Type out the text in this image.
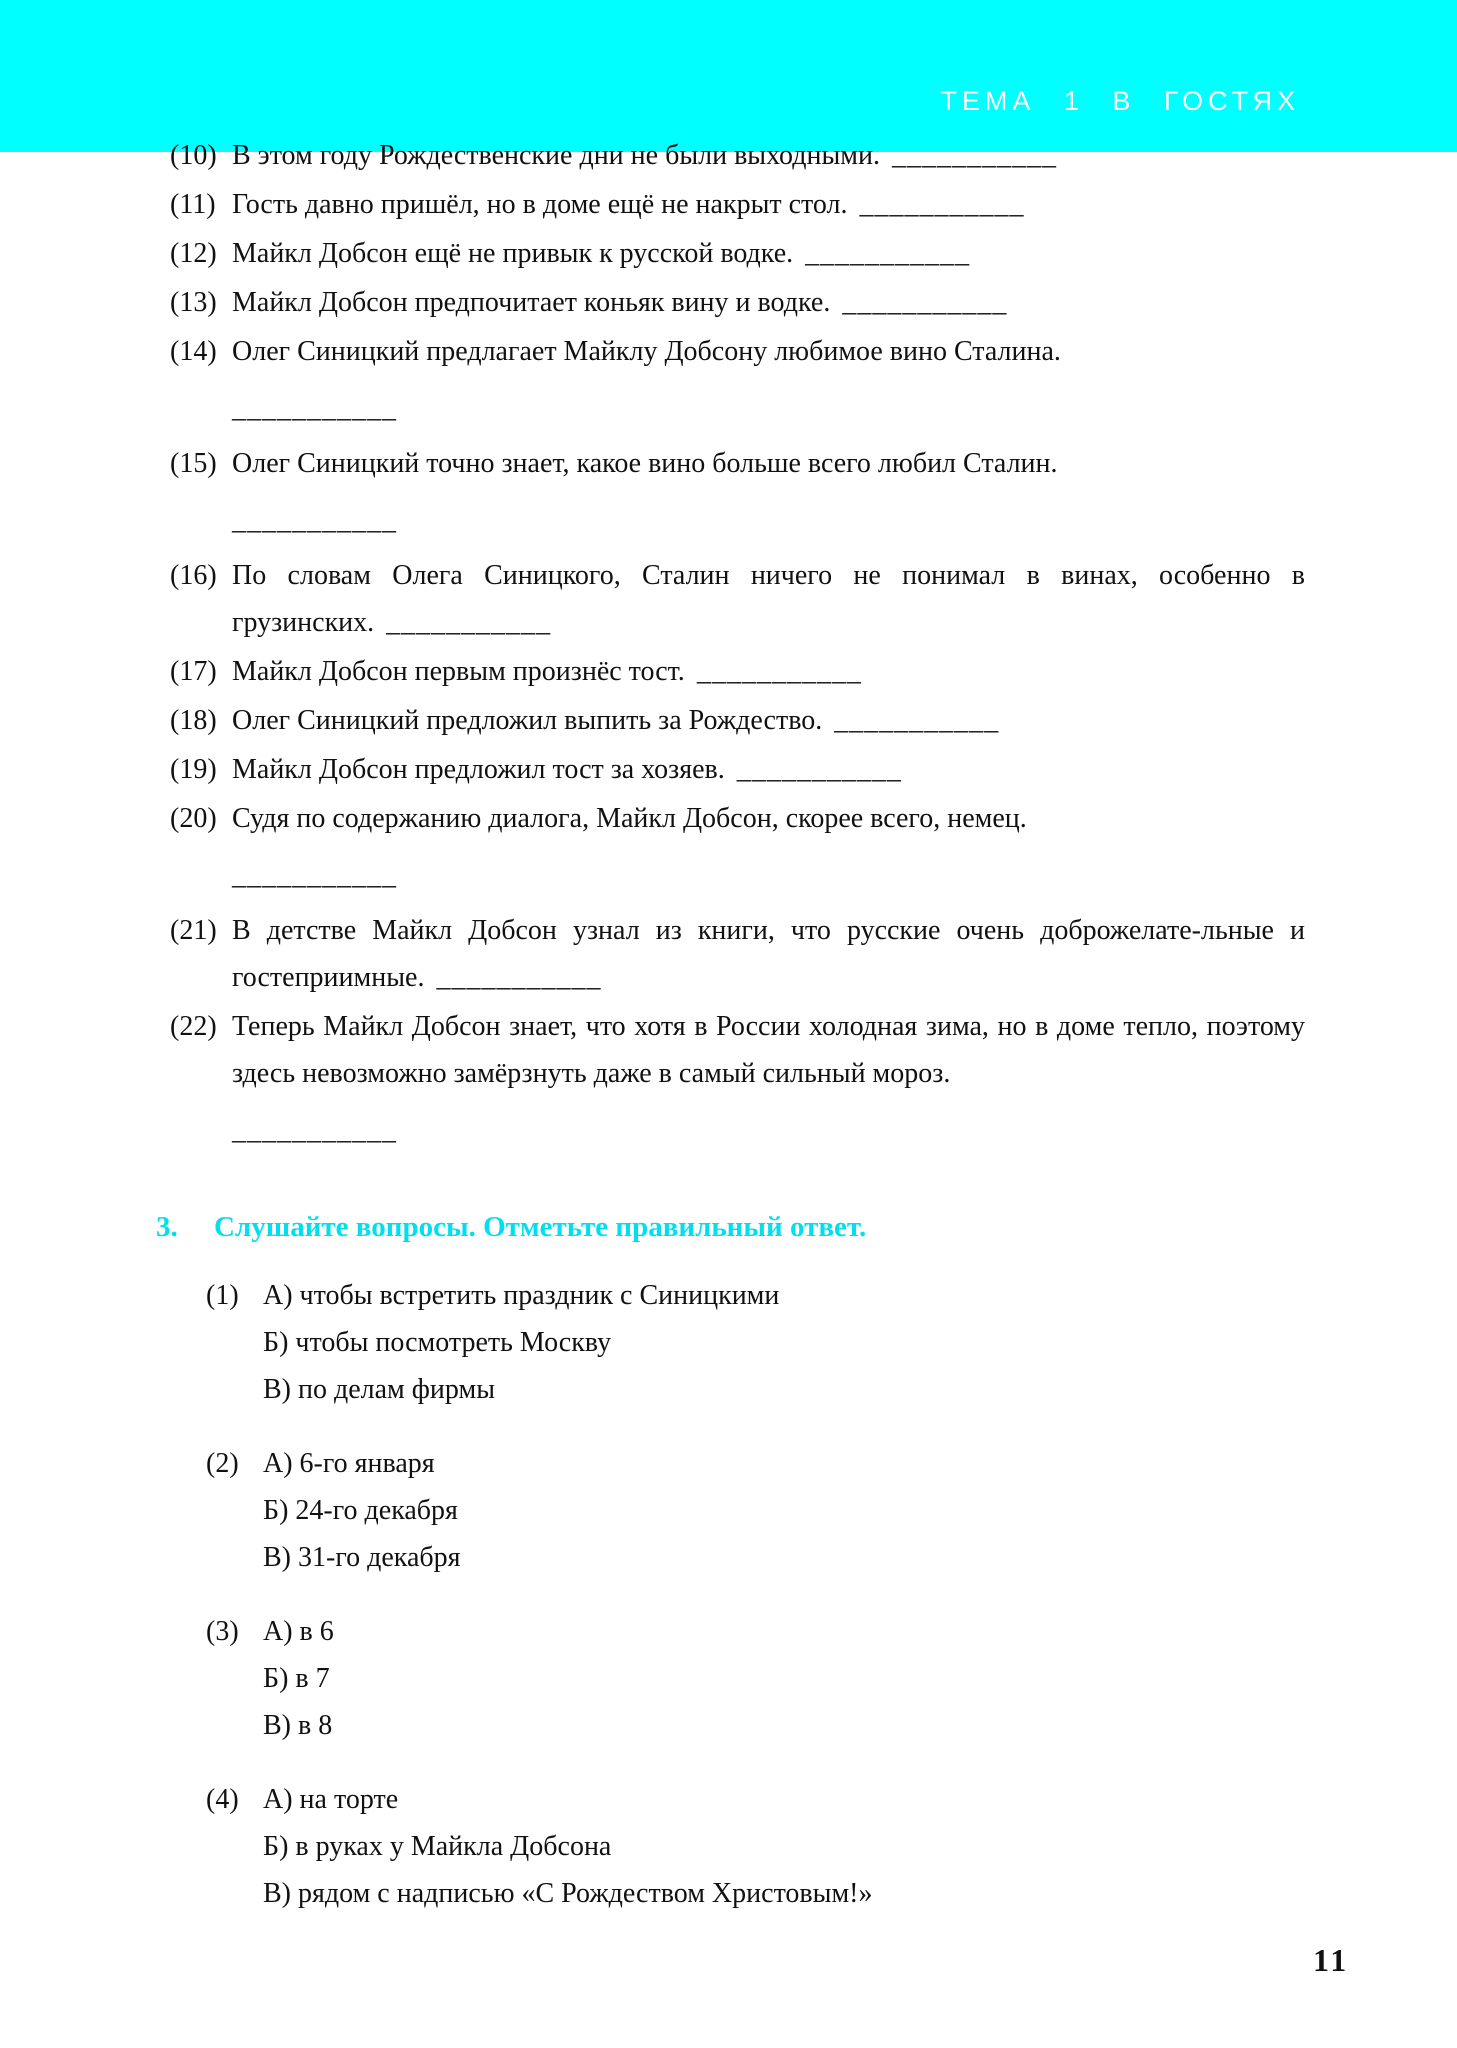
ТЕМА 1 В ГОСТЯХ
(10) В этом году Рождественские дни не были выходными. ___________

(11) Гость давно пришёл, но в доме ещё не накрыт стол. ___________

(12) Майкл Добсон ещё не привык к русской водке. ___________

(13) Майкл Добсон предпочитает коньяк вину и водке. ___________

(14) Олег Синицкий предлагает Майклу Добсону любимое вино Сталина.

___________

(15) Олег Синицкий точно знает, какое вино больше всего любил Сталин.

___________

(16) По словам Олега Синицкого, Сталин ничего не понимал в винах, особенно в грузинских. ___________

(17) Майкл Добсон первым произнёс тост. ___________

(18) Олег Синицкий предложил выпить за Рождество. ___________

(19) Майкл Добсон предложил тост за хозяев. ___________

(20) Судя по содержанию диалога, Майкл Добсон, скорее всего, немец.

___________

(21) В детстве Майкл Добсон узнал из книги, что русские очень доброжелате-льные и гостеприимные. ___________

(22) Теперь Майкл Добсон знает, что хотя в России холодная зима, но в доме тепло, поэтому здесь невозможно замёрзнуть даже в самый сильный мороз.

___________

3.	Слушайте вопросы. Отметьте правильный ответ.
(1) А) чтобы встретить праздник с Синицкими

Б) чтобы посмотреть Москву

В) по делам фирмы

(2) А) 6-го января

Б) 24-го декабря

В) 31-го декабря

(3) А) в 6

Б) в 7

В) в 8

(4) А) на торте

Б) в руках у Майкла Добсона

В) рядом с надписью «С Рождеством Христовым!»

11
